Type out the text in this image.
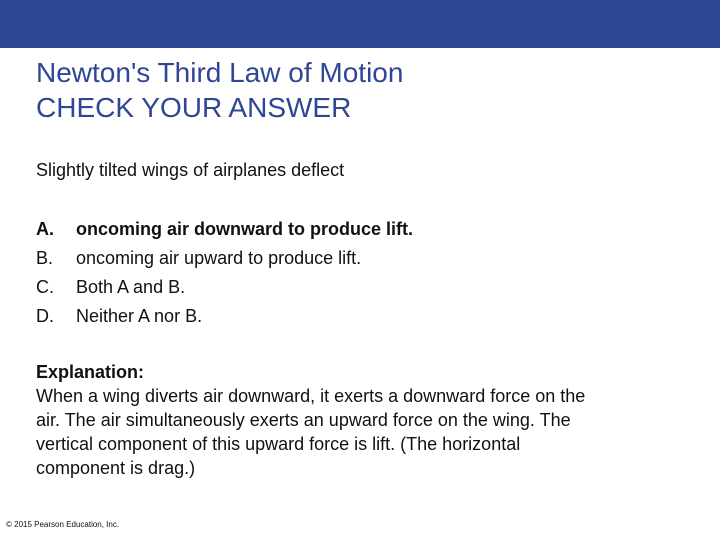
Newton's Third Law of Motion
CHECK YOUR ANSWER
Slightly tilted wings of airplanes deflect
A.	oncoming air downward to produce lift.
B.	oncoming air upward to produce lift.
C.	Both A and B.
D.	Neither A nor B.
Explanation:
When a wing diverts air downward, it exerts a downward force on the
air. The air simultaneously exerts an upward force on the wing. The
vertical component of this upward force is lift. (The horizontal
component is drag.)
© 2015 Pearson Education, Inc.
